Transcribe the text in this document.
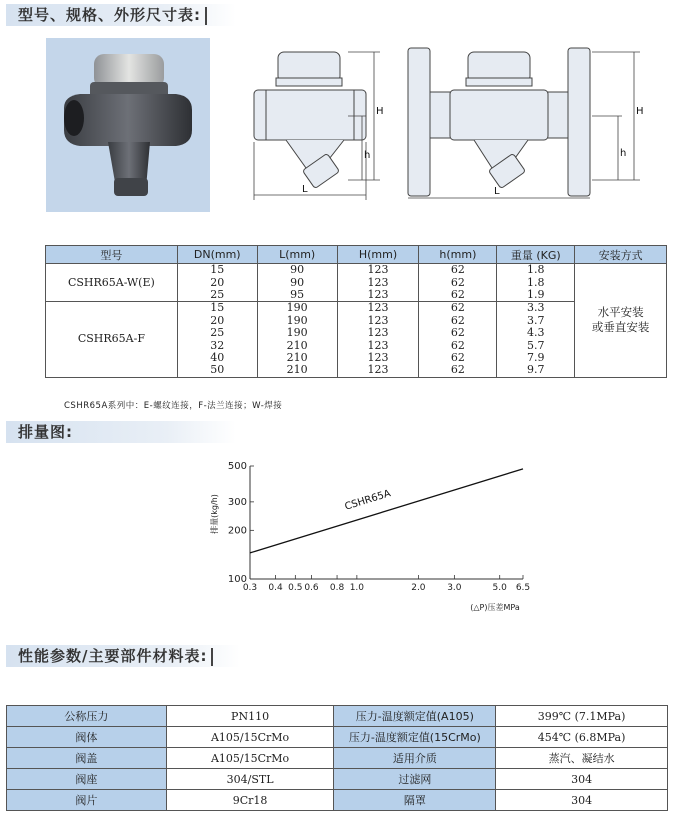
型号、规格、外形尺寸表:
H
h
L
H
h
L
型号	DN(mm)	L(mm)	H(mm)	h(mm)	重量 (KG)	安装方式
CSHR65A-W(E)	15	90	123	62	1.8	水平安装
或垂直安装

	20	90	123	62	1.8	
	25	95	123	62	1.9	
CSHR65A-F	15	190	123	62	3.3	
	20	190	123	62	3.7	
	25	190	123	62	4.3	
	32	210	123	62	5.7	
	40	210	123	62	7.9	
	50	210	123	62	9.7	
CSHR65A系列中：E-螺纹连接，F-法兰连接；W-焊接
排量图:
0.3 0.4 0.5 0.6 0.8 1.0	2.0 3.0	5.0 6.5
100
200
300
500
CSHR65A
排量(kg/h)
(△P)压差MPa
性能参数/主要部件材料表:
公称压力	PN110	压力-温度额定值(A105)	399℃ (7.1MPa)
阀体	A105/15CrMo	压力-温度额定值(15CrMo)	454℃ (6.8MPa)
阀盖	A105/15CrMo	适用介质	蒸汽、凝结水
阀座	304/STL	过滤网	304
阀片	9Cr18	隔罩	304
